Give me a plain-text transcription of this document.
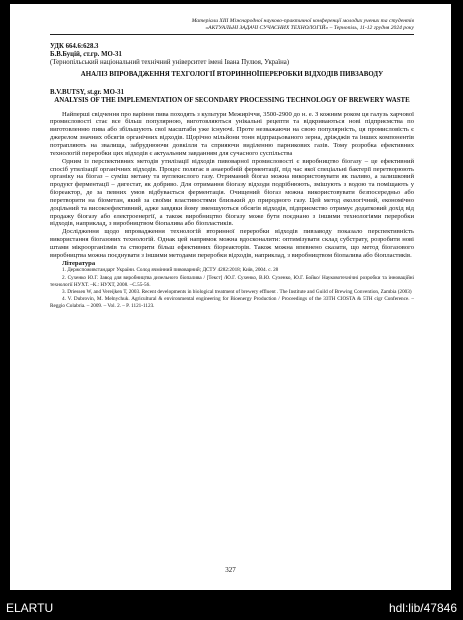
Матеріали ХІІІ Міжнародної науково-практичної конференції молодих учених та студентів
«АКТУАЛЬНІ ЗАДАЧІ СУЧАСНИХ ТЕХНОЛОГІЙ» – Тернопіль, 11-12 грудня 2024 року
УДК 664.6:628.3
Б.В.Буцій, ст.гр. МО-31
(Тернопільський національний технічний університет імені Івана Пулюя, Україна)
АНАЛІЗ ВПРОВАДЖЕННЯ ТЕХГОЛОГІЇ ВТОРИННОЇПЕРЕРОБКИ ВІДХОДІВ ПИВЗАВОДУ
B.V.BUTSY, st.gr. MO-31
ANALYSIS OF THE IMPLEMENTATION OF SECONDARY PROCESSING TECHNOLOGY OF BREWERY WASTE

Найперші свідчення про варіння пива походять з культури Межиріччя, 3500-2900 до н. е. З кожним роком ця галузь харчової промисловості стає все більш популярною, виготовляються унікальні рецепти та відкриваються нові підприємства по виготовленню пива або збільшують свої масштаби уже існуючі. Проте незважаючи на свою популярність, ця промисловість є джерелом значних обсягів органічних відходів. Щорічно мільйони тонн відпрацьованого зерна, дріжджів та інших компонентів потрапляють на звалища, забруднюючи довкілля та сприяючи виділенню парникових газів. Тому розробка ефективних технологій переробки цих відходів є актуальним завданням для сучасного суспільства

Одним із перспективних методів утилізації відходів пивоварної промисловості є виробництво біогазу – це ефективний спосіб утилізації органічних відходів. Процес полягає в анаеробній ферментації, під час якої спеціальні бактерії перетворюють органіку на біогаз – суміш метану та вуглекислого газу. Отриманий біогаз можна використовувати як паливо, а залишковий продукт ферментації – дигестат, як добриво. Для отримання біогазу відходи подрібнюють, змішують з водою та поміщають у біореактор, де за певних умов відбувається ферментація. Очищений біогаз можна використовувати безпосередньо або перетворити на біометан, який за своїми властивостями близький до природного газу. Цей метод екологічний, економічно доцільний та високоефективний, адже завдяки йому зменшуються обсягів відходів, підприємство отримує додатковий дохід від продажу біогазу або електроенергії, а також виробництво біогазу може бути поєднано з іншими технологіями переробки відходів, наприклад, з виробництвом біопалива або біопластиків.

Дослідження щодо впровадження технологій вторинної переробки відходів пивзаводу показало перспективність використання біогазових технологій. Однак цей напрямок можна вдосконалити: оптимізувати склад субстрату, розробити нові штами мікроорганізмів та створити більш ефективних біореакторів. Також можна впевнено сказати, що метод біогазового виробництва можна поєднувати з іншими методами переробки відходів, наприклад, з виробництвом біопалива або біопластиків.

Література

1. Держспоживстандарт України. Солод ячмінний пивоварний; ДСТУ 4282:2018; Київ, 2004. c. 28

2. Сухенко Ю.Г. Завод для виробництва дизельного біопалива / [Текст] /Ю.Г. Сухенко, В.Ю. Сухенко, Ю.Г. Бойко/ Науковотехнічні розробки та інноваційні технології НУХТ. –К.: НУХТ, 2008. –С.55-56.

3. Driessen W, and Vereijken T, 2003. Recent developments in biological treatment of brewery effluent . The Institute and Guild of Brewing Convention, Zambia (2003)

4. V. Dubrovin, M. Melnychuk. Agricultural & environmental engineering for Bioenergy Production / Proceedings of the 33TH CIOSTA & 5TH cigr Conference. – Reggio Colabria. – 2009. – Vol. 2. – P. 1121-1123.

327
ELARTU	hdl:lib/47846
